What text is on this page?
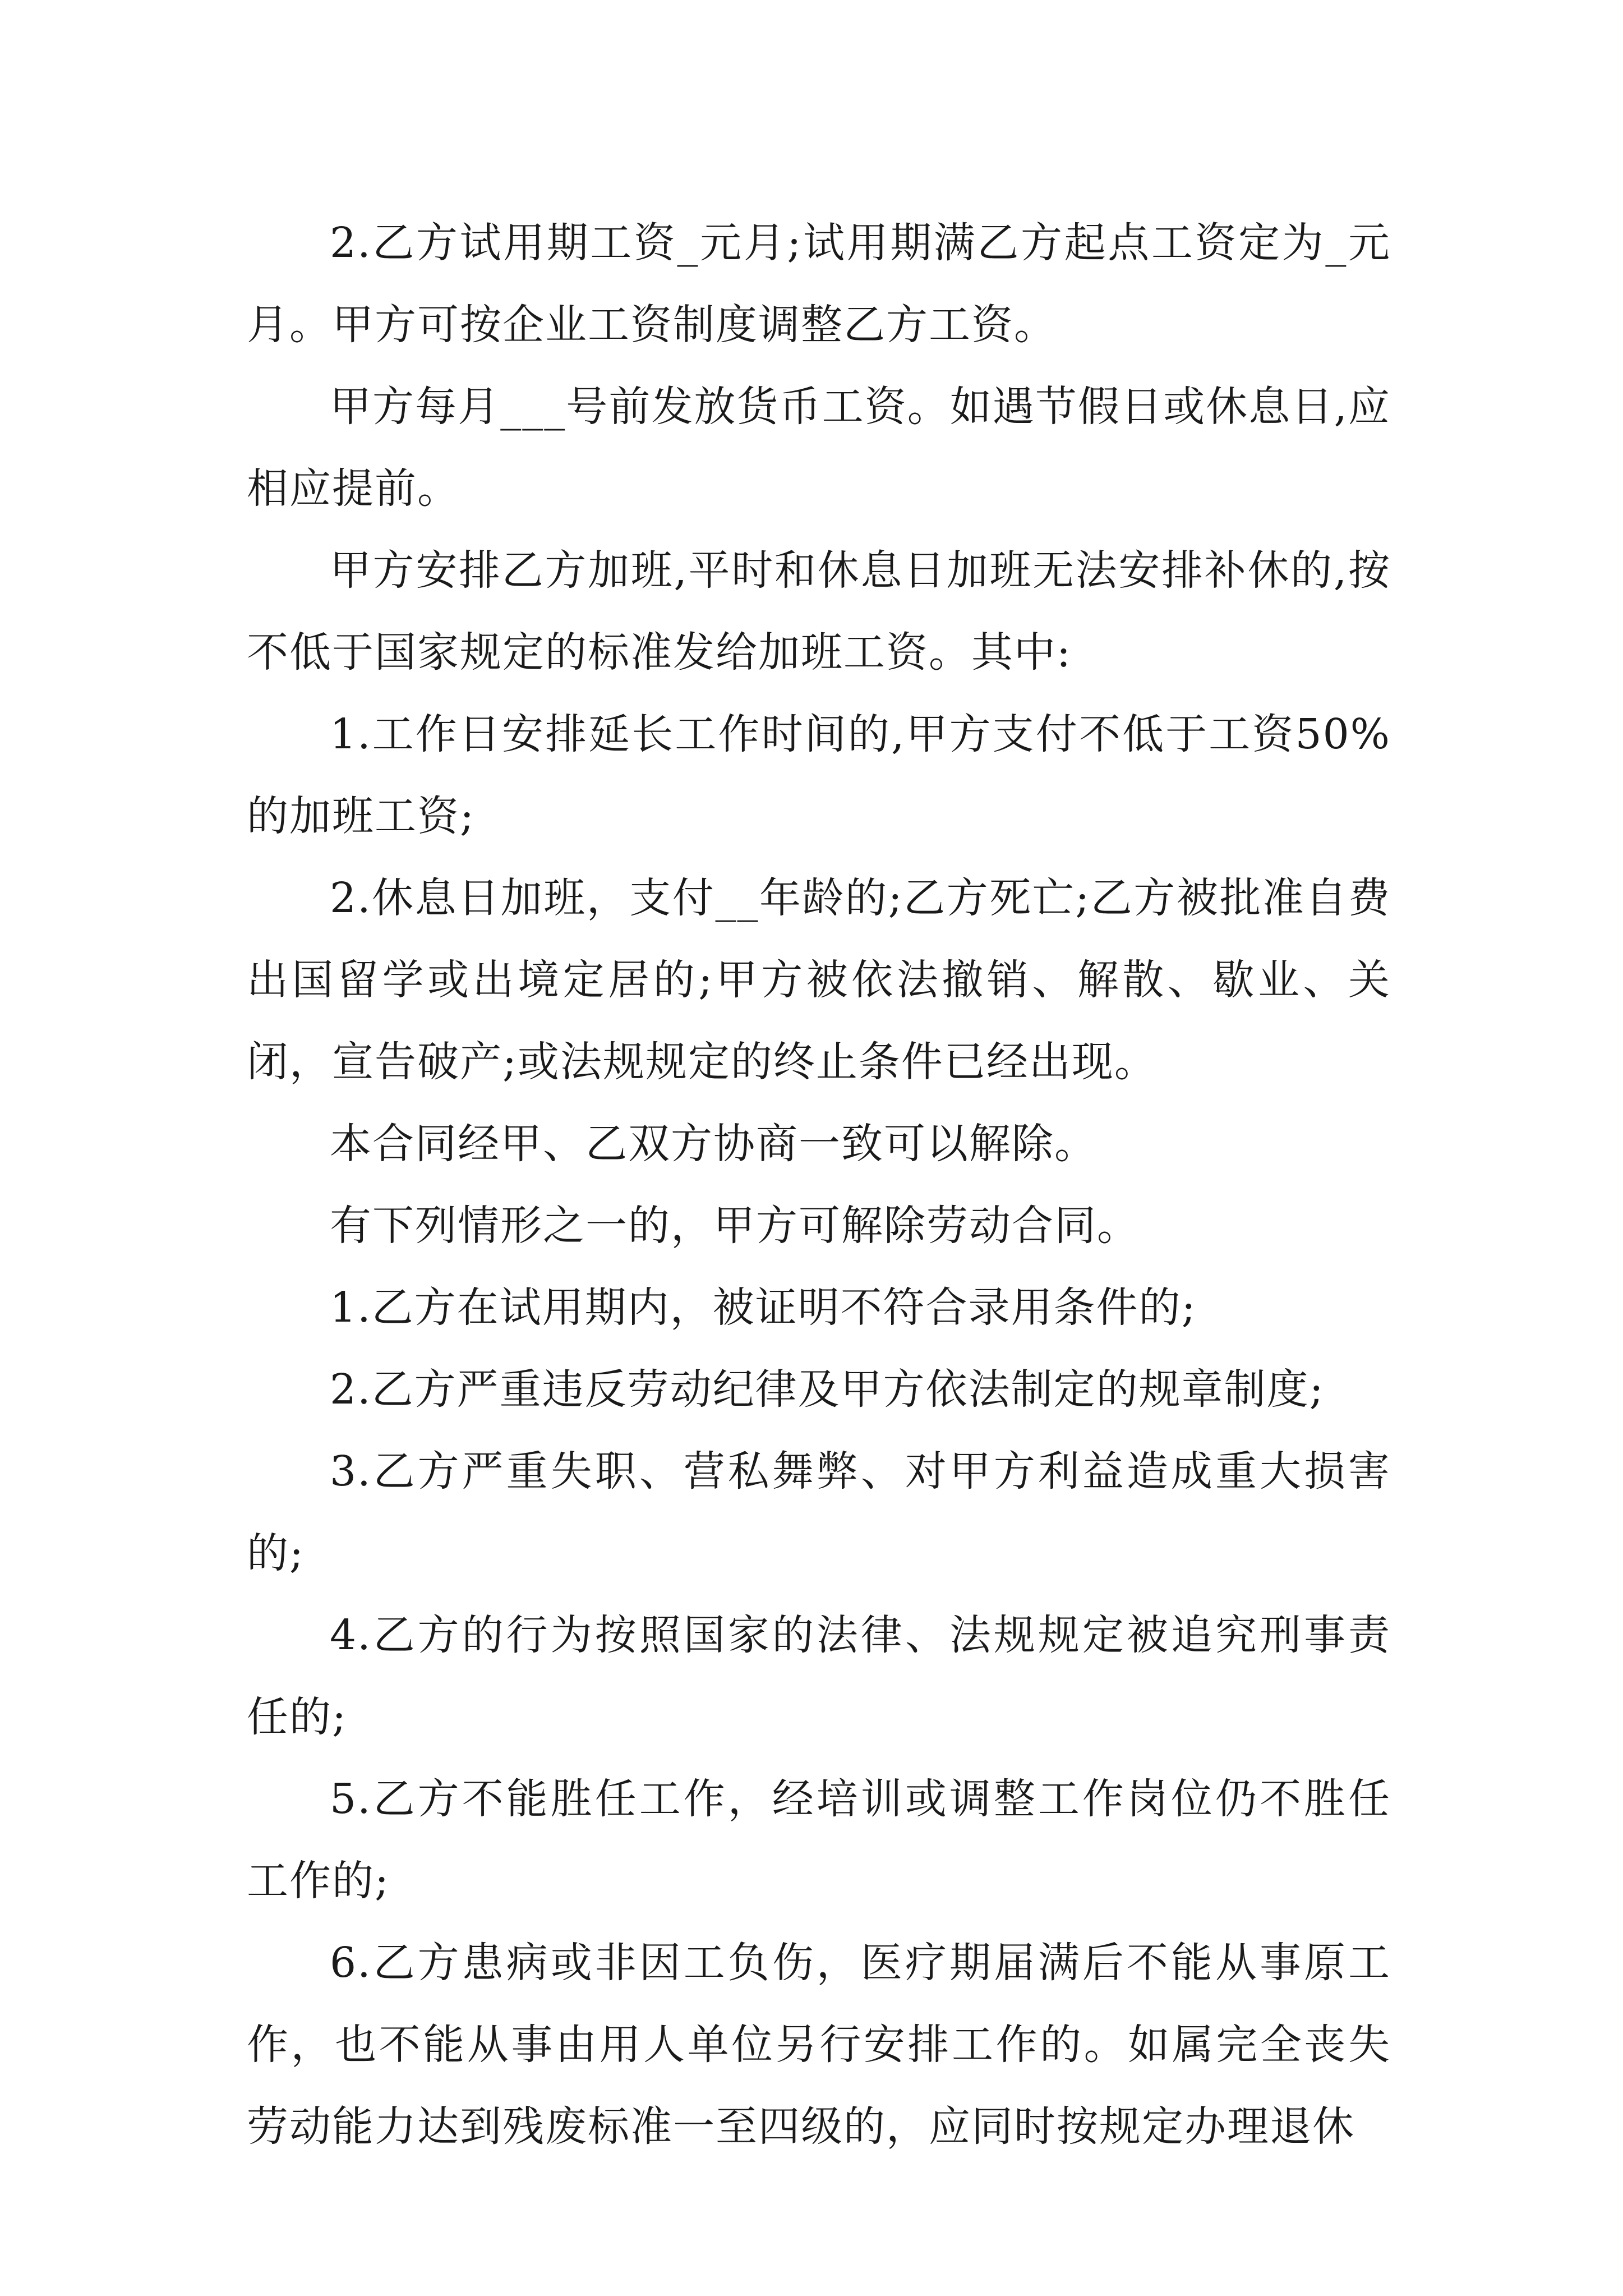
2.乙方试用期工资_元月;试用期满乙方起点工资定为_元月。甲方可按企业工资制度调整乙方工资。

甲方每月___号前发放货币工资。如遇节假日或休息日,应相应提前。

甲方安排乙方加班,平时和休息日加班无法安排补休的,按不低于国家规定的标准发给加班工资。其中:

1.工作日安排延长工作时间的,甲方支付不低于工资50%的加班工资;

2.休息日加班，支付__年龄的;乙方死亡;乙方被批准自费出国留学或出境定居的;甲方被依法撤销、解散、歇业、关闭，宣告破产;或法规规定的终止条件已经出现。

本合同经甲、乙双方协商一致可以解除。

有下列情形之一的，甲方可解除劳动合同。

1.乙方在试用期内，被证明不符合录用条件的;

2.乙方严重违反劳动纪律及甲方依法制定的规章制度;

3.乙方严重失职、营私舞弊、对甲方利益造成重大损害的;

4.乙方的行为按照国家的法律、法规规定被追究刑事责任的;

5.乙方不能胜任工作，经培训或调整工作岗位仍不胜任工作的;

6.乙方患病或非因工负伤，医疗期届满后不能从事原工作，也不能从事由用人单位另行安排工作的。如属完全丧失劳动能力达到残废标准一至四级的，应同时按规定办理退休
